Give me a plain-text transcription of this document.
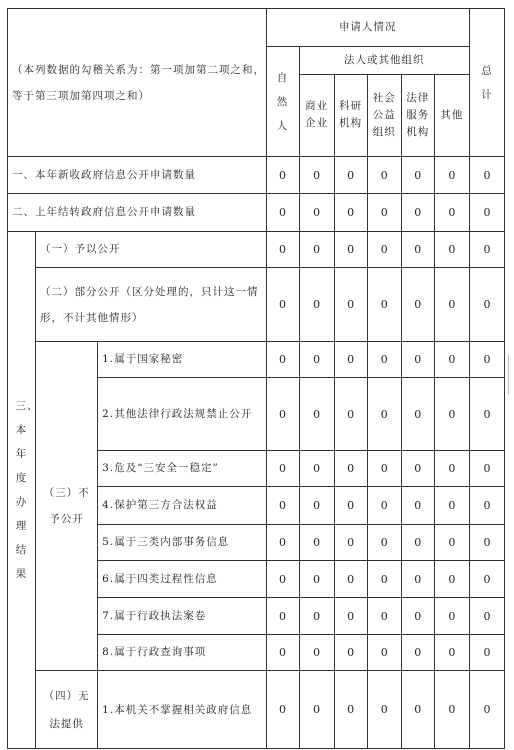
（本列数据的勾稽关系为：第一项加第二项之和，等于第三项加第四项之和）			申请人情况						总计
			自然人	法人或其他组织					
				商业企业	科研机构	社会公益组织	法律服务机构	其他	
一、本年新收政府信息公开申请数量			0	0	0	0	0	0	0
二、上年结转政府信息公开申请数量			0	0	0	0	0	0	0
三、本年度办理结果	（一）予以公开		0	0	0	0	0	0	0
	（二）部分公开（区分处理的，只计这一情形，不计其他情形）		0	0	0	0	0	0	0
	（三）不予公开	1.属于国家秘密	0	0	0	0	0	0	0
		2.其他法律行政法规禁止公开	0	0	0	0	0	0	0
		3.危及“三安全一稳定”	0	0	0	0	0	0	0
		4.保护第三方合法权益	0	0	0	0	0	0	0
		5.属于三类内部事务信息	0	0	0	0	0	0	0
		6.属于四类过程性信息	0	0	0	0	0	0	0
		7.属于行政执法案卷	0	0	0	0	0	0	0
		8.属于行政查询事项	0	0	0	0	0	0	0
	（四）无法提供	1.本机关不掌握相关政府信息	0	0	0	0	0	0	0
